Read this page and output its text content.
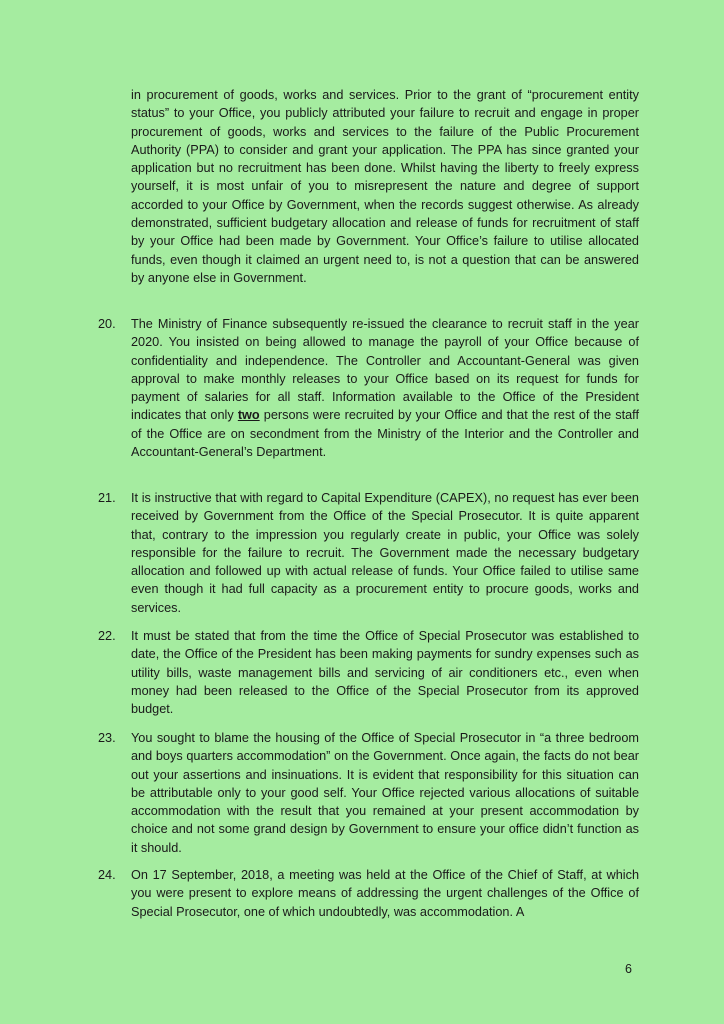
in procurement of goods, works and services. Prior to the grant of “procurement entity status” to your Office, you publicly attributed your failure to recruit and engage in proper procurement of goods, works and services to the failure of the Public Procurement Authority (PPA) to consider and grant your application. The PPA has since granted your application but no recruitment has been done. Whilst having the liberty to freely express yourself, it is most unfair of you to misrepresent the nature and degree of support accorded to your Office by Government, when the records suggest otherwise. As already demonstrated, sufficient budgetary allocation and release of funds for recruitment of staff by your Office had been made by Government. Your Office’s failure to utilise allocated funds, even though it claimed an urgent need to, is not a question that can be answered by anyone else in Government.

20.	The Ministry of Finance subsequently re-issued the clearance to recruit staff in the year 2020. You insisted on being allowed to manage the payroll of your Office because of confidentiality and independence. The Controller and Accountant-General was given approval to make monthly releases to your Office based on its request for funds for payment of salaries for all staff. Information available to the Office of the President indicates that only two persons were recruited by your Office and that the rest of the staff of the Office are on secondment from the Ministry of the Interior and the Controller and Accountant-General’s Department.
21.	It is instructive that with regard to Capital Expenditure (CAPEX), no request has ever been received by Government from the Office of the Special Prosecutor. It is quite apparent that, contrary to the impression you regularly create in public, your Office was solely responsible for the failure to recruit. The Government made the necessary budgetary allocation and followed up with actual release of funds. Your Office failed to utilise same even though it had full capacity as a procurement entity to procure goods, works and services.
22.	It must be stated that from the time the Office of Special Prosecutor was established to date, the Office of the President has been making payments for sundry expenses such as utility bills, waste management bills and servicing of air conditioners etc., even when money had been released to the Office of the Special Prosecutor from its approved budget.
23.	You sought to blame the housing of the Office of Special Prosecutor in “a three bedroom and boys quarters accommodation” on the Government. Once again, the facts do not bear out your assertions and insinuations. It is evident that responsibility for this situation can be attributable only to your good self. Your Office rejected various allocations of suitable accommodation with the result that you remained at your present accommodation by choice and not some grand design by Government to ensure your office didn’t function as it should.
24.	On 17 September, 2018, a meeting was held at the Office of the Chief of Staff, at which you were present to explore means of addressing the urgent challenges of the Office of Special Prosecutor, one of which undoubtedly, was accommodation. A
6
